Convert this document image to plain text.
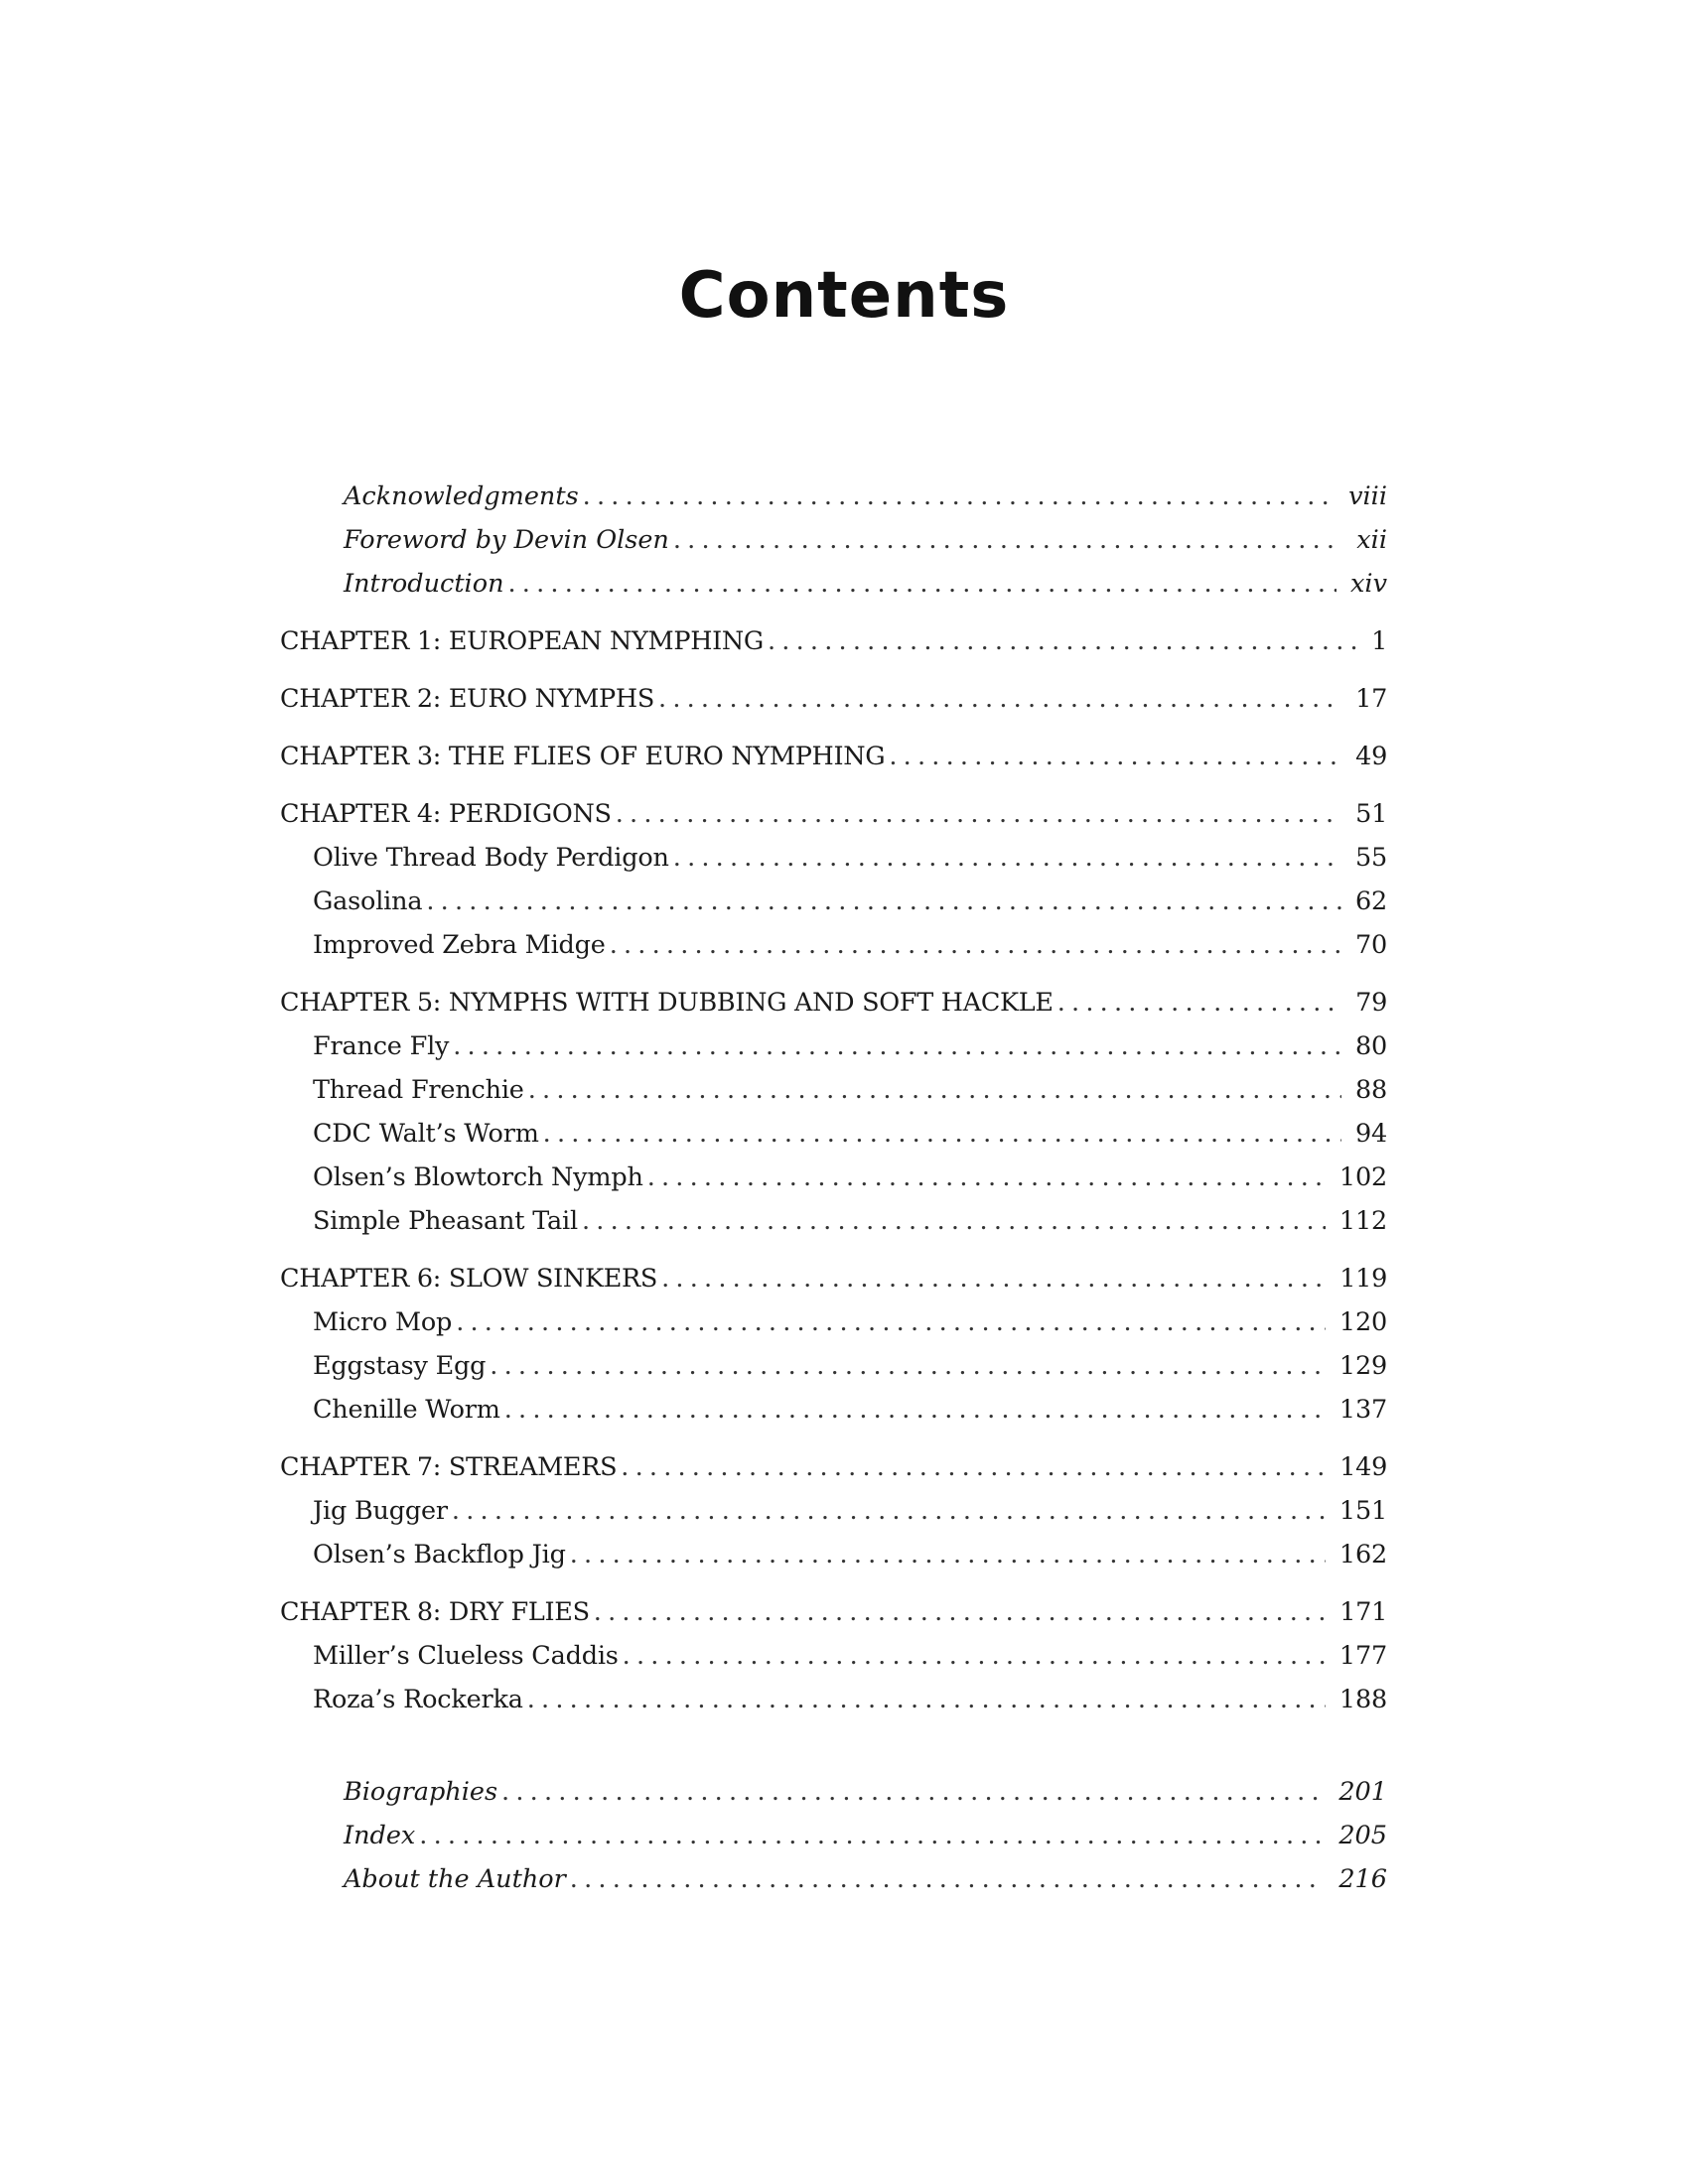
Contents
Acknowledgments .....	viii
Foreword by Devin Olsen .....	xii
Introduction .....	xiv
CHAPTER 1: EUROPEAN NYMPHING .....	1
CHAPTER 2: EURO NYMPHS .....	17
CHAPTER 3: THE FLIES OF EURO NYMPHING .....	49
CHAPTER 4: PERDIGONS .....	51
Olive Thread Body Perdigon .....	55
Gasolina .....	62
Improved Zebra Midge .....	70
CHAPTER 5: NYMPHS WITH DUBBING AND SOFT HACKLE .....	79
France Fly .....	80
Thread Frenchie .....	88
CDC Walt’s Worm .....	94
Olsen’s Blowtorch Nymph .....	102
Simple Pheasant Tail .....	112
CHAPTER 6: SLOW SINKERS .....	119
Micro Mop .....	120
Eggstasy Egg .....	129
Chenille Worm .....	137
CHAPTER 7: STREAMERS .....	149
Jig Bugger .....	151
Olsen’s Backflop Jig .....	162
CHAPTER 8: DRY FLIES .....	171
Miller’s Clueless Caddis .....	177
Roza’s Rockerka .....	188
Biographies .....	201
Index .....	205
About the Author .....	216
